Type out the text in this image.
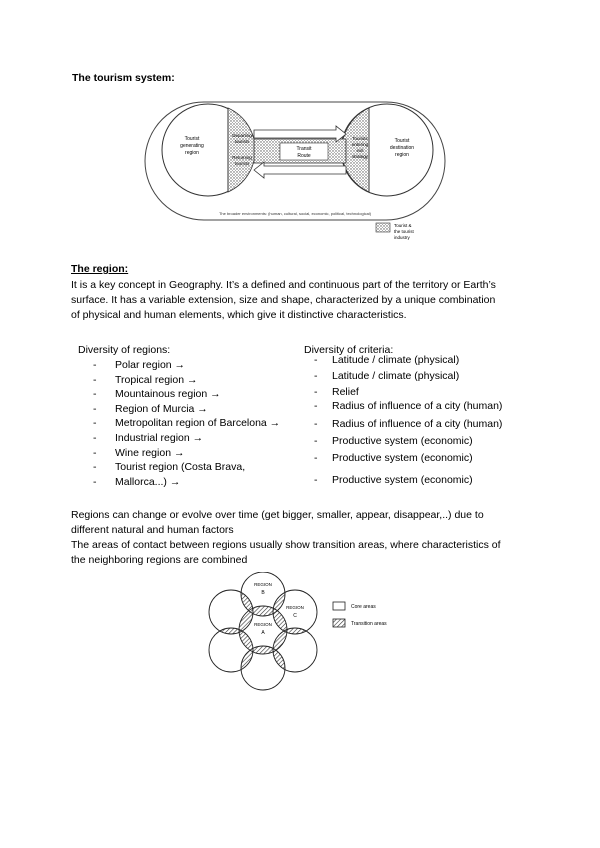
The tourism system:
Tourist
generating
region
Departing
tourists
Returning
tourists
Transit
Route
Tourists
entering
exit
strategy
Tourist
destination
region
The broader environments: (human, cultural, social, economic, political, technological)
Tourist &
the tourist
industry
The region:
It is a key concept in Geography. It’s a defined and continuous part of the territory or Earth’s
surface. It has a variable extension, size and shape, characterized by a unique combination
of physical and human elements, which give it distinctive characteristics.
Diversity of regions:
- Polar region →
- Tropical region →
- Mountainous region →
- Region of Murcia →
- Metropolitan region of Barcelona →
- Industrial region →
- Wine region →
- Tourist region (Costa Brava,
- Mallorca...) →
Diversity of criteria:
- Latitude / climate (physical)
- Latitude / climate (physical)
- Relief
- Radius of influence of a city (human)
- Radius of influence of a city (human)
- Productive system (economic)
- Productive system (economic)
- Productive system (economic)
Regions can change or evolve over time (get bigger, smaller, appear, disappear,..) due to
different natural and human factors
The areas of contact between regions usually show transition areas, where characteristics of
the neighboring regions are combined
REGION
B
REGION
C
REGION
A
Core areas
Transition areas
